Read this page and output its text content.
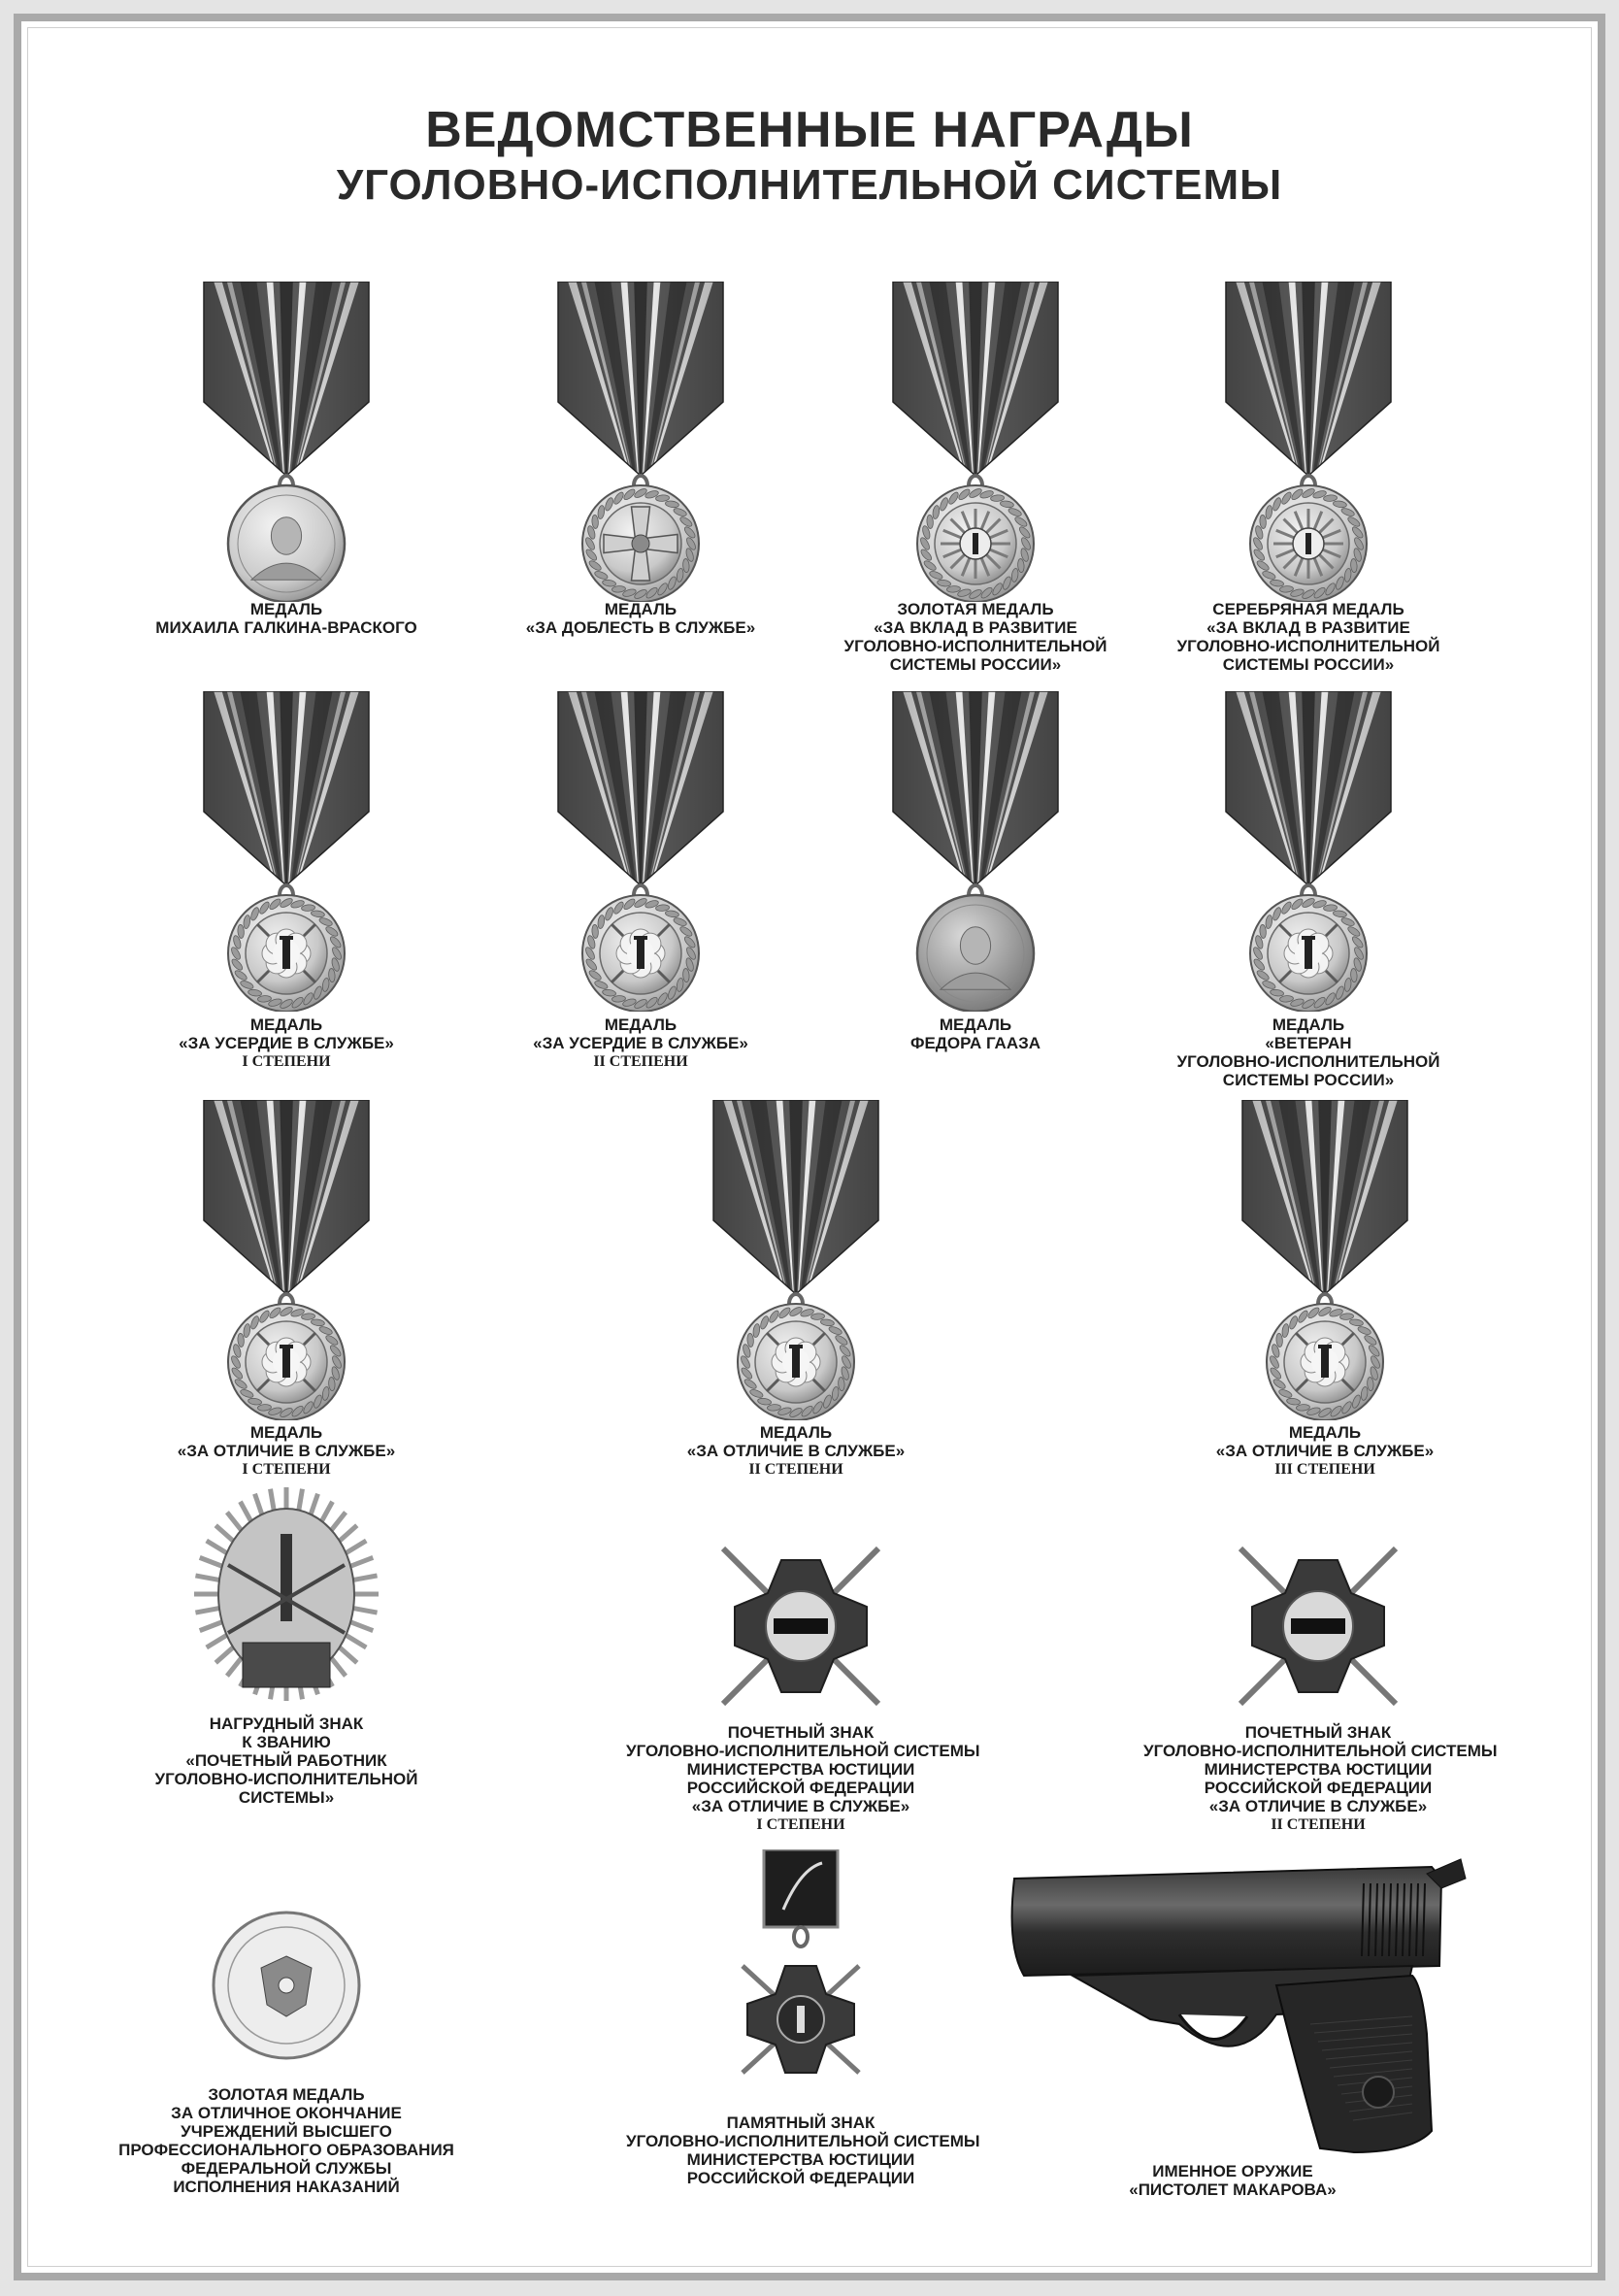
ВЕДОМСТВЕННЫЕ НАГРАДЫ
УГОЛОВНО-ИСПОЛНИТЕЛЬНОЙ СИСТЕМЫ
МЕДАЛЬ
МИХАИЛА ГАЛКИНА-ВРАСКОГО
МЕДАЛЬ
«ЗА ДОБЛЕСТЬ В СЛУЖБЕ»
ЗОЛОТАЯ МЕДАЛЬ
«ЗА ВКЛАД В РАЗВИТИЕ
УГОЛОВНО-ИСПОЛНИТЕЛЬНОЙ
СИСТЕМЫ РОССИИ»
СЕРЕБРЯНАЯ МЕДАЛЬ
«ЗА ВКЛАД В РАЗВИТИЕ
УГОЛОВНО-ИСПОЛНИТЕЛЬНОЙ
СИСТЕМЫ РОССИИ»
МЕДАЛЬ
«ЗА УСЕРДИЕ В СЛУЖБЕ»
I СТЕПЕНИ
МЕДАЛЬ
«ЗА УСЕРДИЕ В СЛУЖБЕ»
II СТЕПЕНИ
МЕДАЛЬ
ФЕДОРА ГААЗА
МЕДАЛЬ
«ВЕТЕРАН
УГОЛОВНО-ИСПОЛНИТЕЛЬНОЙ
СИСТЕМЫ РОССИИ»
МЕДАЛЬ
«ЗА ОТЛИЧИЕ В СЛУЖБЕ»
I СТЕПЕНИ
МЕДАЛЬ
«ЗА ОТЛИЧИЕ В СЛУЖБЕ»
II СТЕПЕНИ
МЕДАЛЬ
«ЗА ОТЛИЧИЕ В СЛУЖБЕ»
III СТЕПЕНИ
НАГРУДНЫЙ ЗНАК
К ЗВАНИЮ
«ПОЧЕТНЫЙ РАБОТНИК
УГОЛОВНО-ИСПОЛНИТЕЛЬНОЙ
СИСТЕМЫ»
ПОЧЕТНЫЙ ЗНАК
УГОЛОВНО-ИСПОЛНИТЕЛЬНОЙ СИСТЕМЫ
МИНИСТЕРСТВА ЮСТИЦИИ
РОССИЙСКОЙ ФЕДЕРАЦИИ
«ЗА ОТЛИЧИЕ В СЛУЖБЕ»
I СТЕПЕНИ
ПОЧЕТНЫЙ ЗНАК
УГОЛОВНО-ИСПОЛНИТЕЛЬНОЙ СИСТЕМЫ
МИНИСТЕРСТВА ЮСТИЦИИ
РОССИЙСКОЙ ФЕДЕРАЦИИ
«ЗА ОТЛИЧИЕ В СЛУЖБЕ»
II СТЕПЕНИ
ЗОЛОТАЯ МЕДАЛЬ
ЗА ОТЛИЧНОЕ ОКОНЧАНИЕ
УЧРЕЖДЕНИЙ ВЫСШЕГО
ПРОФЕССИОНАЛЬНОГО ОБРАЗОВАНИЯ
ФЕДЕРАЛЬНОЙ СЛУЖБЫ
ИСПОЛНЕНИЯ НАКАЗАНИЙ
ПАМЯТНЫЙ ЗНАК
УГОЛОВНО-ИСПОЛНИТЕЛЬНОЙ СИСТЕМЫ
МИНИСТЕРСТВА ЮСТИЦИИ
РОССИЙСКОЙ ФЕДЕРАЦИИ	ИМЕННОЕ ОРУЖИЕ
«ПИСТОЛЕТ МАКАРОВА»
